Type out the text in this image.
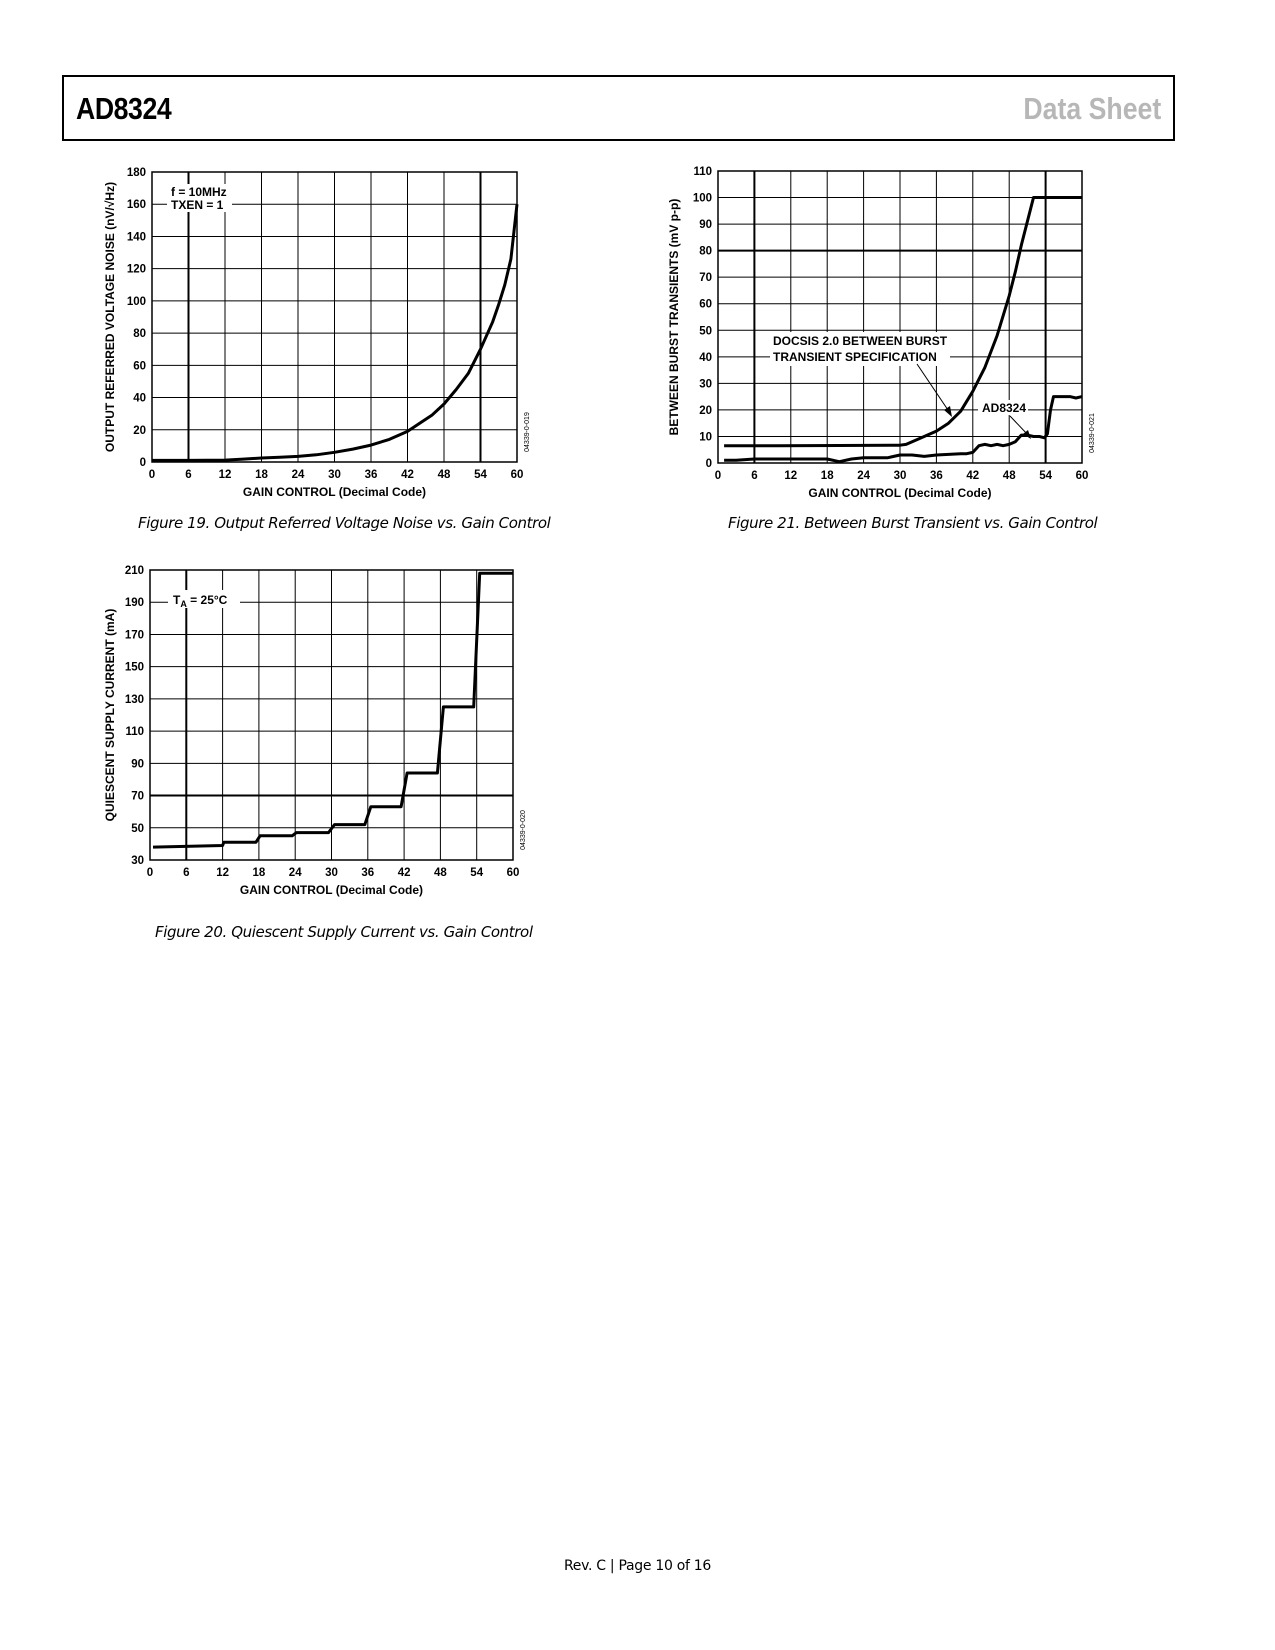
AD8324	Data Sheet
0	6 12 18 24 30 36 42 48 54 60
0
20
40
60
80
100
120
140
160
180
GAIN CONTROL (Decimal Code)
OUTPUT REFERRED VOLTAGE NOISE (nV/√Hz)	04339-0-019
f = 10MHz
TXEN = 1
Figure 19. Output Referred Voltage Noise vs. Gain Control
0	6 12 18 24 30 36 42 48 54 60
0
10
20
30
40
50
60
70
80
90
100
110
GAIN CONTROL (Decimal Code)
BETWEEN BURST TRANSIENTS (mV p-p)	04339-0-021
DOCSIS 2.0 BETWEEN BURST
TRANSIENT SPECIFICATION
AD8324
Figure 21. Between Burst Transient vs. Gain Control
0	6 12 18 24 30 36 42 48 54 60
30
50
70
90
110
130
150
170
190
210
GAIN CONTROL (Decimal Code)
QUIESCENT SUPPLY CURRENT (mA)
04339-0-020
$T_A = 25^\circ C$
Figure 20. Quiescent Supply Current vs. Gain Control
Rev. C | Page 10 of 16
